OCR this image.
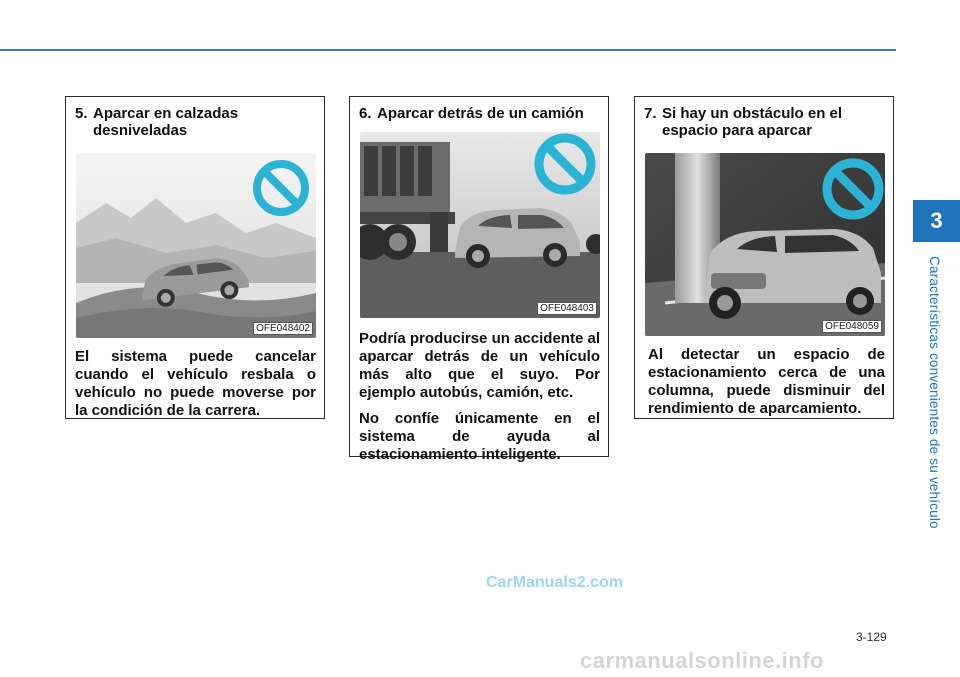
3
Características convenientes de su vehículo
5. Aparcar en calzadas desniveladas
OFE048402

El sistema puede cancelar cuando el vehículo resbala o vehículo no puede moverse por la condición de la carrera.

6. Aparcar detrás de un camión
OFE048403

Podría producirse un accidente al aparcar detrás de un vehículo más alto que el suyo. Por ejemplo autobús, camión, etc.

No confíe únicamente en el sistema de ayuda al estacionamiento inteligente.

7. Si hay un obstáculo en el espacio para aparcar
OFE048059

Al detectar un espacio de estacionamiento cerca de una columna, puede disminuir del rendimiento de aparcamiento.

CarManuals2.com
3-129
carmanualsonline.info
